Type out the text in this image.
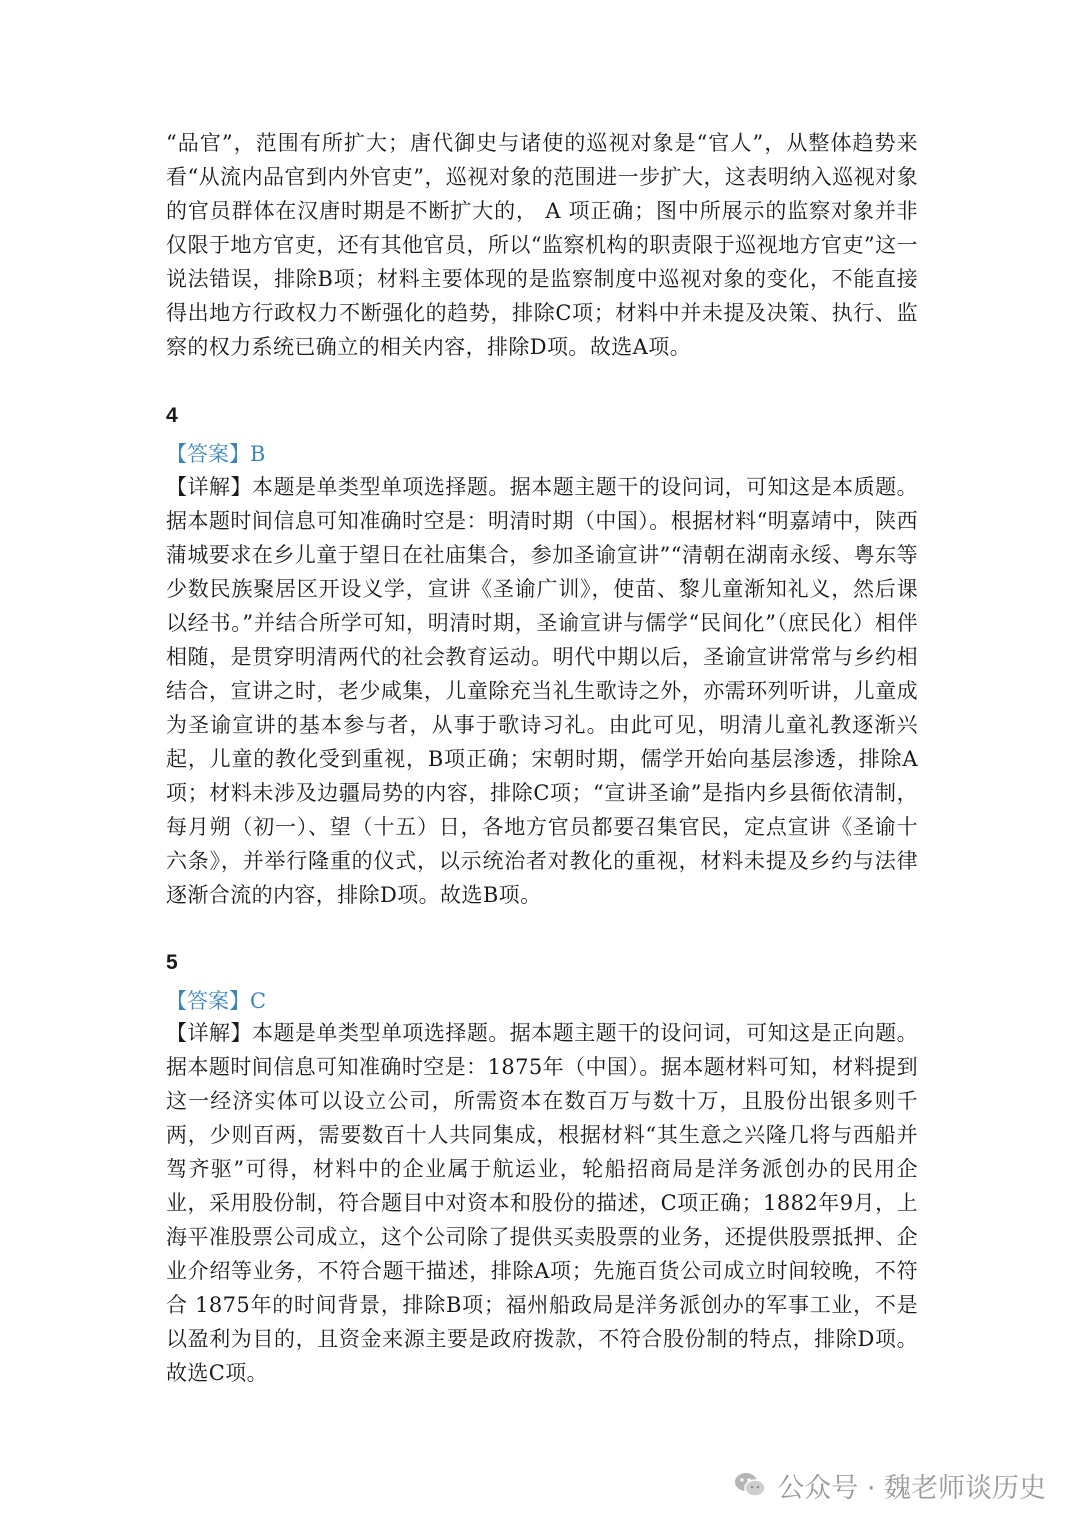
“品官”，范围有所扩大；唐代御史与诸使的巡视对象是“官人”，从整体趋势来看“从流内品官到内外官吏”，巡视对象的范围进一步扩大，这表明纳入巡视对象的官员群体在汉唐时期是不断扩大的， A 项正确；图中所展示的监察对象并非仅限于地方官吏，还有其他官员，所以“监察机构的职责限于巡视地方官吏”这一说法错误，排除B项；材料主要体现的是监察制度中巡视对象的变化，不能直接得出地方行政权力不断强化的趋势，排除C项；材料中并未提及决策、执行、监察的权力系统已确立的相关内容，排除D项。故选A项。

4

【答案】B

【详解】本题是单类型单项选择题。据本题主题干的设问词，可知这是本质题。据本题时间信息可知准确时空是：明清时期（中国）。根据材料“明嘉靖中，陕西蒲城要求在乡儿童于望日在社庙集合，参加圣谕宣讲”“清朝在湖南永绥、粤东等少数民族聚居区开设义学，宣讲《圣谕广训》，使苗、黎儿童渐知礼义，然后课以经书。”并结合所学可知，明清时期，圣谕宣讲与儒学“民间化”（庶民化）相伴相随，是贯穿明清两代的社会教育运动。明代中期以后，圣谕宣讲常常与乡约相结合，宣讲之时，老少咸集，儿童除充当礼生歌诗之外，亦需环列听讲，儿童成为圣谕宣讲的基本参与者，从事于歌诗习礼。由此可见，明清儿童礼教逐渐兴起，儿童的教化受到重视，B项正确；宋朝时期，儒学开始向基层渗透，排除A项；材料未涉及边疆局势的内容，排除C项；“宣讲圣谕”是指内乡县衙依清制，每月朔（初一）、望（十五）日，各地方官员都要召集官民，定点宣讲《圣谕十六条》，并举行隆重的仪式，以示统治者对教化的重视，材料未提及乡约与法律逐渐合流的内容，排除D项。故选B项。

5

【答案】C

【详解】本题是单类型单项选择题。据本题主题干的设问词，可知这是正向题。据本题时间信息可知准确时空是：1875年（中国）。据本题材料可知，材料提到这一经济实体可以设立公司，所需资本在数百万与数十万，且股份出银多则千两，少则百两，需要数百十人共同集成，根据材料“其生意之兴隆几将与西船并驾齐驱”可得，材料中的企业属于航运业，轮船招商局是洋务派创办的民用企业，采用股份制，符合题目中对资本和股份的描述，C项正确；1882年9月，上海平准股票公司成立，这个公司除了提供买卖股票的业务，还提供股票抵押、企业介绍等业务，不符合题干描述，排除A项；先施百货公司成立时间较晚，不符合 1875年的时间背景，排除B项；福州船政局是洋务派创办的军事工业，不是以盈利为目的，且资金来源主要是政府拨款，不符合股份制的特点，排除D项。故选C项。

公众号 · 魏老师谈历史
